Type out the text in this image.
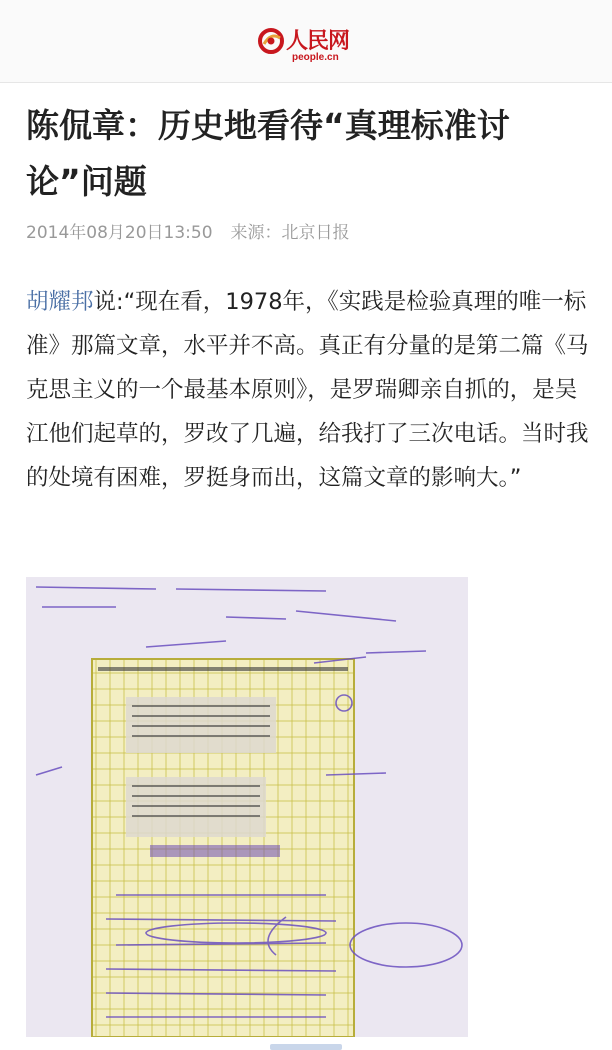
人民网
people.cn
陈侃章：历史地看待“真理标准讨论”问题
2014年08月20日13:50 来源：北京日报

胡耀邦说:“现在看，1978年，《实践是检验真理的唯一标准》那篇文章，水平并不高。真正有分量的是第二篇《马克思主义的一个最基本原则》，是罗瑞卿亲自抓的，是吴江他们起草的，罗改了几遍，给我打了三次电话。当时我的处境有困难，罗挺身而出，这篇文章的影响大。”
